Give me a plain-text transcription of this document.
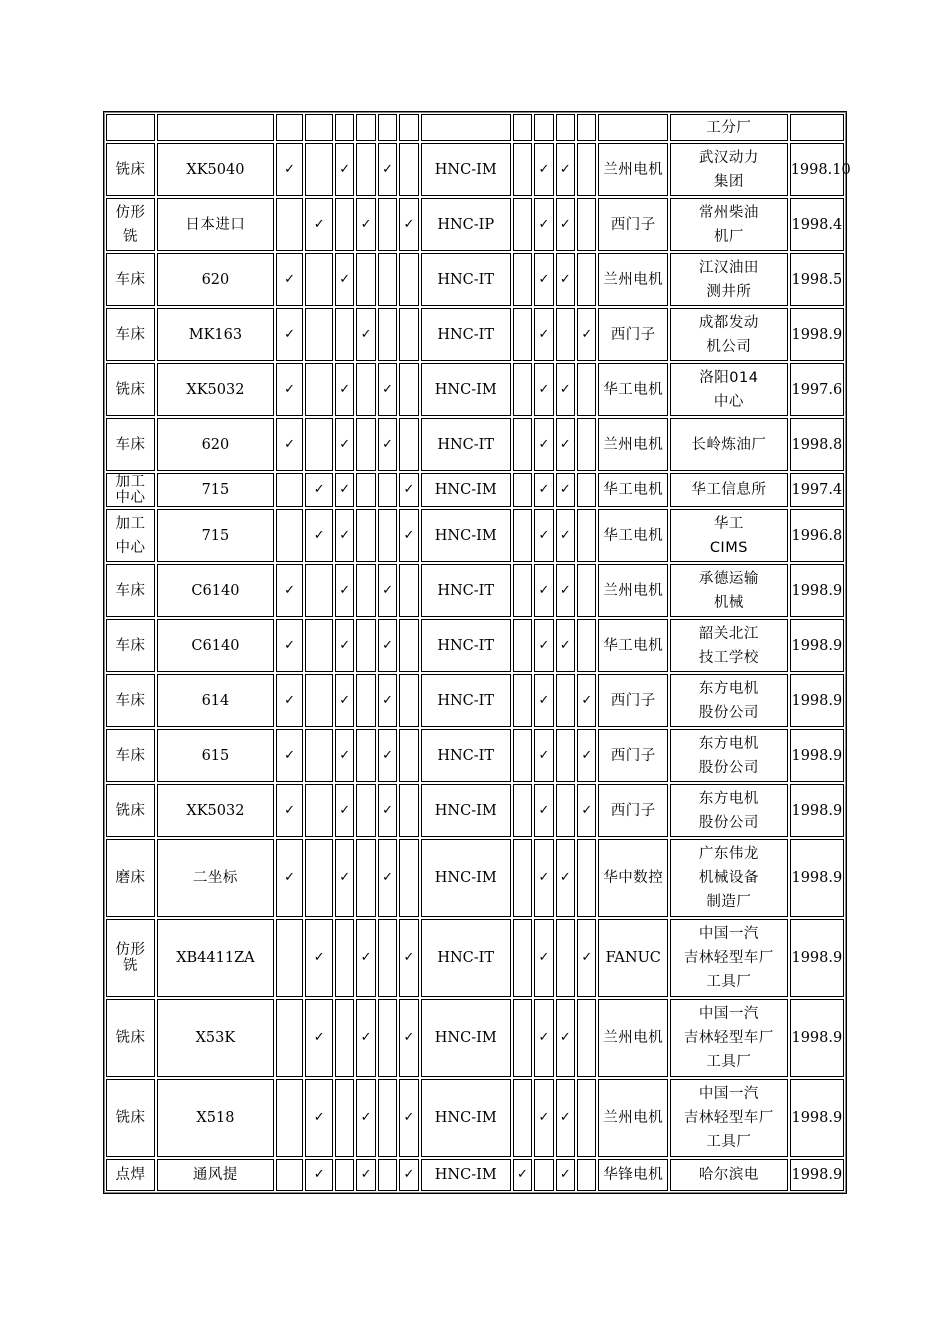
														工分厂	

铣床	XK5040	✓		✓		✓		HNC-IM		✓	✓		兰州电机	武汉动力
集团	1998.10

仿形
铣	日本进口		✓		✓		✓	HNC-IP		✓	✓		西门子	常州柴油
机厂	1998.4

车床	620	✓		✓				HNC-IT		✓	✓		兰州电机	江汉油田
测井所	1998.5

车床	MK163	✓			✓			HNC-IT		✓		✓	西门子	成都发动
机公司	1998.9

铣床	XK5032	✓		✓		✓		HNC-IM		✓	✓		华工电机	洛阳014
中心	1997.6

车床	620	✓		✓		✓		HNC-IT		✓	✓		兰州电机	长岭炼油厂	1998.8

加工
中心	715		✓	✓			✓	HNC-IM		✓	✓		华工电机	华工信息所	1997.4

加工
中心	715		✓	✓			✓	HNC-IM		✓	✓		华工电机	华工
CIMS	1996.8

车床	C6140	✓		✓		✓		HNC-IT		✓	✓		兰州电机	承德运输
机械	1998.9

车床	C6140	✓		✓		✓		HNC-IT		✓	✓		华工电机	韶关北江
技工学校	1998.9

车床	614	✓		✓		✓		HNC-IT		✓		✓	西门子	东方电机
股份公司	1998.9

车床	615	✓		✓		✓		HNC-IT		✓		✓	西门子	东方电机
股份公司	1998.9

铣床	XK5032	✓		✓		✓		HNC-IM		✓		✓	西门子	东方电机
股份公司	1998.9

磨床	二坐标	✓		✓		✓		HNC-IM		✓	✓		华中数控	广东伟龙
机械设备
制造厂	1998.9

仿形
铣	XB4411ZA		✓		✓		✓	HNC-IT		✓		✓	FANUC	中国一汽
吉林轻型车厂
工具厂	1998.9

铣床	X53K		✓		✓		✓	HNC-IM		✓	✓		兰州电机	中国一汽
吉林轻型车厂
工具厂	1998.9

铣床	X518		✓		✓		✓	HNC-IM		✓	✓		兰州电机	中国一汽
吉林轻型车厂
工具厂	1998.9

点焊	通风提		✓		✓		✓	HNC-IM	✓		✓		华锋电机	哈尔滨电	1998.9
